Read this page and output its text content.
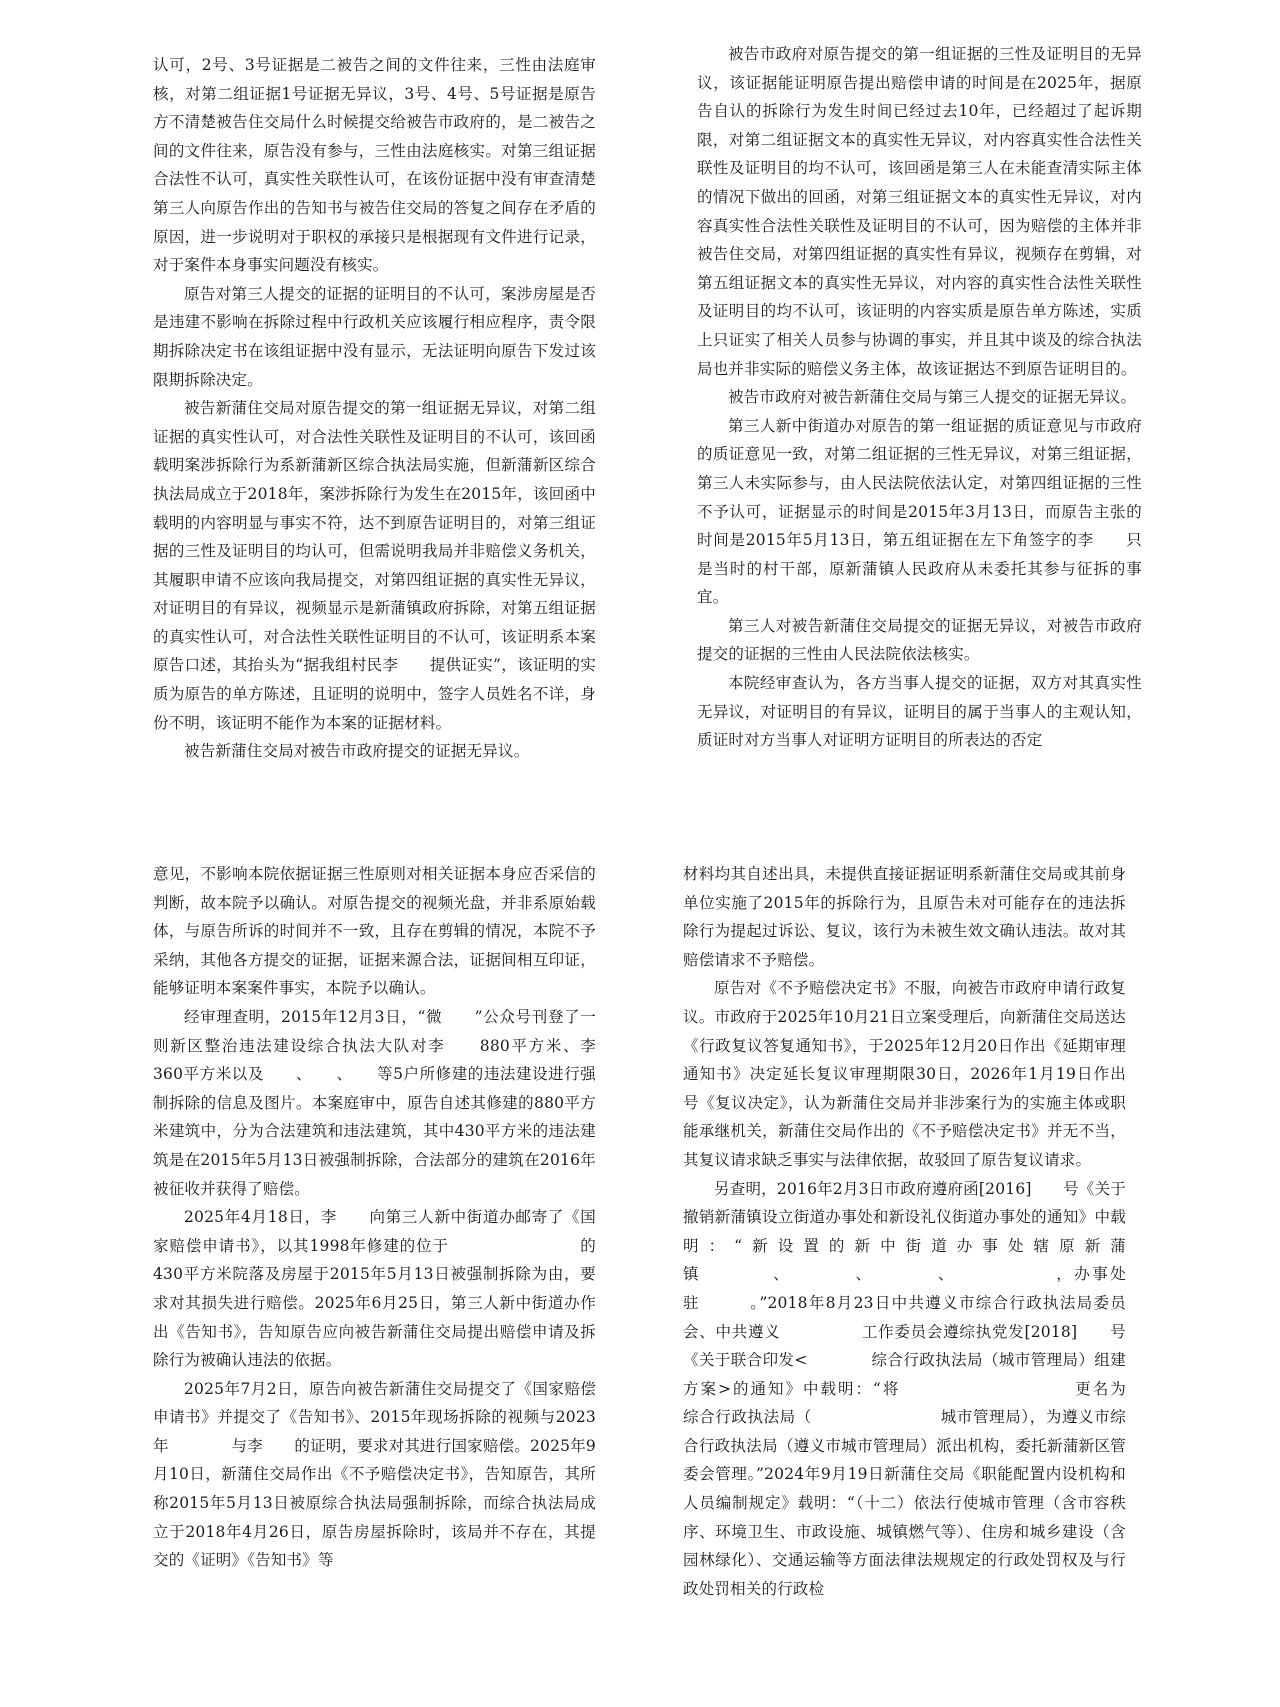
认可，2号、3号证据是二被告之间的文件往来，三性由法庭审核，对第二组证据1号证据无异议，3号、4号、5号证据是原告方不清楚被告住交局什么时候提交给被告市政府的，是二被告之间的文件往来，原告没有参与，三性由法庭核实。对第三组证据合法性不认可，真实性关联性认可，在该份证据中没有审查清楚第三人向原告作出的告知书与被告住交局的答复之间存在矛盾的原因，进一步说明对于职权的承接只是根据现有文件进行记录，对于案件本身事实问题没有核实。

原告对第三人提交的证据的证明目的不认可，案涉房屋是否是违建不影响在拆除过程中行政机关应该履行相应程序，责令限期拆除决定书在该组证据中没有显示，无法证明向原告下发过该限期拆除决定。

被告新蒲住交局对原告提交的第一组证据无异议，对第二组证据的真实性认可，对合法性关联性及证明目的不认可，该回函载明案涉拆除行为系新蒲新区综合执法局实施，但新蒲新区综合执法局成立于2018年，案涉拆除行为发生在2015年，该回函中载明的内容明显与事实不符，达不到原告证明目的，对第三组证据的三性及证明目的均认可，但需说明我局并非赔偿义务机关，其履职申请不应该向我局提交，对第四组证据的真实性无异议，对证明目的有异议，视频显示是新蒲镇政府拆除，对第五组证据的真实性认可，对合法性关联性证明目的不认可，该证明系本案原告口述，其抬头为“据我组村民李　　提供证实”，该证明的实质为原告的单方陈述，且证明的说明中，签字人员姓名不详，身份不明，该证明不能作为本案的证据材料。

被告新蒲住交局对被告市政府提交的证据无异议。

被告市政府对原告提交的第一组证据的三性及证明目的无异议，该证据能证明原告提出赔偿申请的时间是在2025年，据原告自认的拆除行为发生时间已经过去10年，已经超过了起诉期限，对第二组证据文本的真实性无异议，对内容真实性合法性关联性及证明目的均不认可，该回函是第三人在未能查清实际主体的情况下做出的回函，对第三组证据文本的真实性无异议，对内容真实性合法性关联性及证明目的不认可，因为赔偿的主体并非被告住交局，对第四组证据的真实性有异议，视频存在剪辑，对第五组证据文本的真实性无异议，对内容的真实性合法性关联性及证明目的均不认可，该证明的内容实质是原告单方陈述，实质上只证实了相关人员参与协调的事实，并且其中谈及的综合执法局也并非实际的赔偿义务主体，故该证据达不到原告证明目的。

被告市政府对被告新蒲住交局与第三人提交的证据无异议。

第三人新中街道办对原告的第一组证据的质证意见与市政府的质证意见一致，对第二组证据的三性无异议，对第三组证据，第三人未实际参与，由人民法院依法认定，对第四组证据的三性不予认可，证据显示的时间是2015年3月13日，而原告主张的时间是2015年5月13日，第五组证据在左下角签字的李　　只是当时的村干部，原新蒲镇人民政府从未委托其参与征拆的事宜。

第三人对被告新蒲住交局提交的证据无异议，对被告市政府提交的证据的三性由人民法院依法核实。

本院经审查认为，各方当事人提交的证据，双方对其真实性无异议，对证明目的有异议，证明目的属于当事人的主观认知，质证时对方当事人对证明方证明目的所表达的否定

意见，不影响本院依据证据三性原则对相关证据本身应否采信的判断，故本院予以确认。对原告提交的视频光盘，并非系原始载体，与原告所诉的时间并不一致，且存在剪辑的情况，本院不予采纳，其他各方提交的证据，证据来源合法，证据间相互印证，能够证明本案案件事实，本院予以确认。

经审理查明，2015年12月3日，“微　　”公众号刊登了一则新区整治违法建设综合执法大队对李　　880平方米、李　　360平方米以及　　、　　、　　等5户所修建的违法建设进行强制拆除的信息及图片。本案庭审中，原告自述其修建的880平方米建筑中，分为合法建筑和违法建筑，其中430平方米的违法建筑是在2015年5月13日被强制拆除，合法部分的建筑在2016年被征收并获得了赔偿。

2025年4月18日，李　　向第三人新中街道办邮寄了《国家赔偿申请书》，以其1998年修建的位于　　　　　　　　的430平方米院落及房屋于2015年5月13日被强制拆除为由，要求对其损失进行赔偿。2025年6月25日，第三人新中街道办作出《告知书》，告知原告应向被告新蒲住交局提出赔偿申请及拆除行为被确认违法的依据。

2025年7月2日，原告向被告新蒲住交局提交了《国家赔偿申请书》并提交了《告知书》、2015年现场拆除的视频与2023年　　　　与李　　的证明，要求对其进行国家赔偿。2025年9月10日，新蒲住交局作出《不予赔偿决定书》，告知原告，其所称2015年5月13日被原综合执法局强制拆除，而综合执法局成立于2018年4月26日，原告房屋拆除时，该局并不存在，其提交的《证明》《告知书》等

材料均其自述出具，未提供直接证据证明系新蒲住交局或其前身单位实施了2015年的拆除行为，且原告未对可能存在的违法拆除行为提起过诉讼、复议，该行为未被生效文确认违法。故对其赔偿请求不予赔偿。

原告对《不予赔偿决定书》不服，向被告市政府申请行政复议。市政府于2025年10月21日立案受理后，向新蒲住交局送达《行政复议答复通知书》，于2025年12月20日作出《延期审理通知书》决定延长复议审理期限30日，2026年1月19日作出　　号《复议决定》，认为新蒲住交局并非涉案行为的实施主体或职能承继机关，新蒲住交局作出的《不予赔偿决定书》并无不当，其复议请求缺乏事实与法律依据，故驳回了原告复议请求。

另查明，2016年2月3日市政府遵府函[2016]　　号《关于撤销新蒲镇设立街道办事处和新设礼仪街道办事处的通知》中载明：“新设置的新中街道办事处辖原新蒲镇　　　　、　　　　、　　　　、　　　　　　，办事处驻　　　。”2018年8月23日中共遵义市综合行政执法局委员会、中共遵义　　　　　工作委员会遵综执党发[2018]　　号《关于联合印发<　　　　综合行政执法局（城市管理局）组建方案>的通知》中载明：“将　　　　　　　　　　更名为　　　　综合行政执法局（　　　　　　　　城市管理局），为遵义市综合行政执法局（遵义市城市管理局）派出机构，委托新蒲新区管委会管理。”2024年9月19日新蒲住交局《职能配置内设机构和人员编制规定》载明：“（十二）依法行使城市管理（含市容秩序、环境卫生、市政设施、城镇燃气等）、住房和城乡建设（含园林绿化）、交通运输等方面法律法规规定的行政处罚权及与行政处罚相关的行政检
